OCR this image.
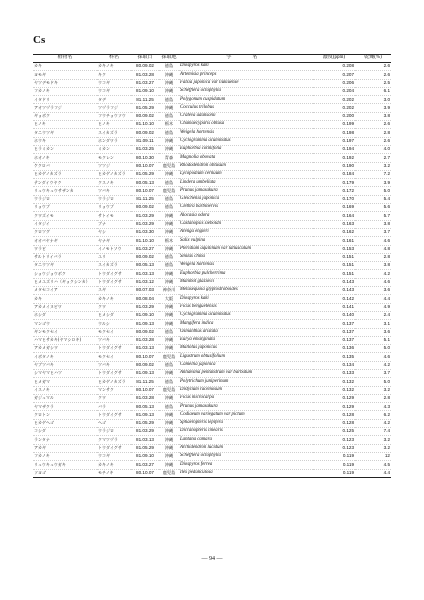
Cs
植物名	科名	採取日	採取地	学　名	濃度(ppm)	乾燥(%)
カキ	カキノキ	80.09.02	徳島	Diospyros kaki	0.208	2.6
ヨモギ	キク	81.03.28	沖縄	Artemisia princeps	0.207	2.6
ヤツデモドキ	ウコギ	81.03.27	沖縄	Fatsia japonica var liukiuense	0.206	2.5
フカノキ	ウコギ	81.09.10	沖縄	Schefflera octophylla	0.204	6.1
イタドリ	タデ	81.11.25	徳島	Polygonum cuspidatum	0.202	3.0
アオツヅラフジ	ツヅラフジ	81.05.29	沖縄	Cocculus trilobus	0.202	3.9
ギョボク	フウチョウソウ	80.09.02	徳島	Crateva adansonii	0.200	3.8
ヒノキ	ヒノキ	81.10.10	栃木	Chamaecyparis obtusa	0.199	2.6
タニウツギ	スイカズラ	80.09.02	徳島	Weigela hortensis	0.198	2.8
ホウキ	ホンダワラ	81.09.11	沖縄	Cyclogramma acuminatus	0.197	2.6
ヒラミカン	ミカン	81.03.25	沖縄	Euphorbia cotinifolia	0.194	4.0
ホオノキ	モクレン	80.10.30	青森	Magnolia obovata	0.192	2.7
ケクロバ	ツツジ	80.10.07	鹿児島	Rhododendron obtusum	0.190	3.2
ヒカゲノカズラ	ヒカゲノカズラ	81.05.29	沖縄	Lycopodium cernuum	0.184	7.2
テンダイウヤク	クスノキ	80.05.13	徳島	Lindera umbellata	0.179	3.9
リュウキュウサザンカ	ツバキ	80.10.07	鹿児島	Prunus jamasakura	0.172	5.0
ウラジロ	ウラジロ	81.11.25	徳島	Gleichenia japonica	0.170	5.4
リョウブ	リョウブ	80.09.02	徳島	Clethra barbinervis	0.169	5.6
クワズイモ	サトイモ	81.03.29	沖縄	Alocasia odora	0.164	5.7
イタジイ	ブナ	81.03.29	沖縄	Castanopsis sieboldii	0.163	3.8
クロツグ	ヤシ	81.03.30	沖縄	Arenga engleri	0.162	3.7
オオバヤナギ	ヤナギ	81.10.10	栃木	Salix vulpina	0.161	4.6
ワラビ	イノモトソウ	81.03.27	沖縄	Pteridium aquilinum var latiusculum	0.153	4.8
サルトリイバラ	ユリ	80.09.02	徳島	Smilax china	0.151	2.8
タニウツギ	スイカズラ	80.05.13	徳島	Weigela hortensis	0.151	3.8
ショウジョウボク	トウダイグサ	81.03.13	沖縄	Euphorbia pulcherrima	0.151	4.2
ヒメユズリハ（ギョクシンカ）	トウダイグサ	81.03.12	沖縄	Manihot glaziovii	0.143	4.6
メタセコイア	スギ	80.07.03	神奈川	Metasequoia glyptostroboides	0.143	3.6
カキ	カキノキ	80.08.04	大阪	Diospyros kaki	0.142	4.4
アカメイヌビワ	クワ	81.03.29	沖縄	Ficus benguetensis	0.141	4.9
ホシダ	ヒメシダ	81.09.10	沖縄	Cyclogramma acuminatus	0.140	2.4
マンゴウ	ウルシ	81.09.13	沖縄	Mangifera indica	0.137	3.1
ギンモクセイ	モクセイ	80.09.02	徳島	Osmanthus aristata	0.137	3.6
ハマヒサカキ(ヤマシロキ)	ツバキ	81.03.28	沖縄	Eurya emarginata	0.137	5.1
アカメガシワ	トウダイグサ	81.03.13	沖縄	Mallotus japonicus	0.136	5.0
イボタノキ	モクセイ	80.10.07	鹿児島	Ligustrum obtusifolium	0.135	4.6
ヤブツバキ	ツバキ	80.09.02	徳島	Camellia japonica	0.134	4.2
シマヤマヒハツ	トウダイグサ	81.09.13	沖縄	Antidesma pentandrum var barbatum	0.133	3.7
ヒメガマ	ヒカゲノカズラ	81.11.25	徳島	Polytrichum juniperinum	0.132	5.0
イスノキ	マンサク	80.10.07	鹿児島	Distylium racemosum	0.132	3.2
ガジュマル	クワ	81.03.28	沖縄	Ficus microcarpa	0.129	2.8
ヤマザクラ	バラ	80.05.13	徳島	Prunus jamasakura	0.129	4.3
クロトン	トウダイグサ	81.09.13	沖縄	Codiaeum variegatum var pictum	0.128	6.2
ヒカゲヘゴ	ヘゴ	81.05.29	沖縄	Sphaeropteris lepifera	0.128	4.2
コシダ	ウラジロ	81.03.29	沖縄	Dicranopteris linearis	0.125	7.4
ランタナ	クマツヅラ	81.03.13	沖縄	Lantana camara	0.123	3.2
アカギ	トウダイグサ	81.05.29	沖縄	Archidendron lucidum	0.123	3.2
フカノキ	ウコギ	81.09.10	沖縄	Schefflera octophylla	0.119	12
リュウキュウガキ	カキノキ	81.03.27	沖縄	Diospyros ferrea	0.119	4.5
ソヨゴ	モチノキ	80.10.07	鹿児島	Ilex pedunculosa	0.119	4.4
— 94 —
